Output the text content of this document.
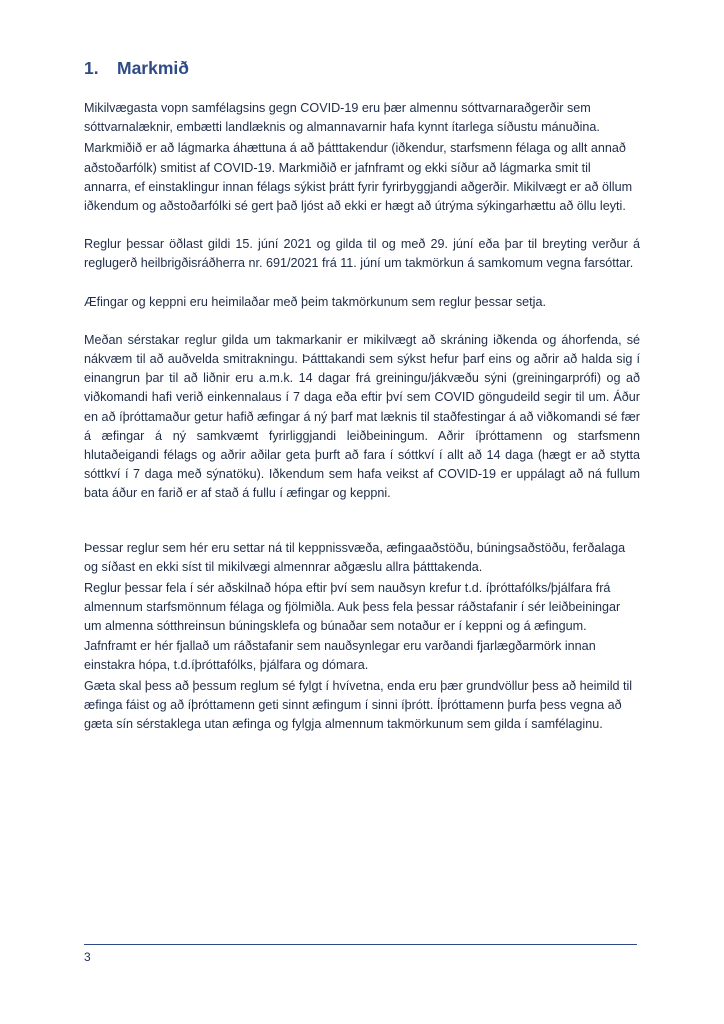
1. Markmið

Mikilvægasta vopn samfélagsins gegn COVID-19 eru þær almennu sóttvarnaraðgerðir sem sóttvarnalæknir, embætti landlæknis og almannavarnir hafa kynnt ítarlega síðustu mánuðina.

Markmiðið er að lágmarka áhættuna á að þátttakendur (iðkendur, starfsmenn félaga og allt annað aðstoðarfólk) smitist af COVID-19. Markmiðið er jafnframt og ekki síður að lágmarka smit til annarra, ef einstaklingur innan félags sýkist þrátt fyrir fyrirbyggjandi aðgerðir. Mikilvægt er að öllum iðkendum og aðstoðarfólki sé gert það ljóst að ekki er hægt að útrýma sýkingarhættu að öllu leyti.

Reglur þessar öðlast gildi 15. júní 2021 og gilda til og með 29. júní eða þar til breyting verður á reglugerð heilbrigðisráðherra nr. 691/2021 frá 11. júní um takmörkun á samkomum vegna farsóttar.

Æfingar og keppni eru heimilaðar með þeim takmörkunum sem reglur þessar setja.

Meðan sérstakar reglur gilda um takmarkanir er mikilvægt að skráning iðkenda og áhorfenda, sé nákvæm til að auðvelda smitrakningu. Þátttakandi sem sýkst hefur þarf eins og aðrir að halda sig í einangrun þar til að liðnir eru a.m.k. 14 dagar frá greiningu/jákvæðu sýni (greiningarprófi) og að viðkomandi hafi verið einkennalaus í 7 daga eða eftir því sem COVID göngudeild segir til um. Áður en að íþróttamaður getur hafið æfingar á ný þarf mat læknis til staðfestingar á að viðkomandi sé fær á æfingar á ný samkvæmt fyrirliggjandi leiðbeiningum. Aðrir íþróttamenn og starfsmenn hlutaðeigandi félags og aðrir aðilar geta þurft að fara í sóttkví í allt að 14 daga (hægt er að stytta sóttkví í 7 daga með sýnatöku). Iðkendum sem hafa veikst af COVID-19 er uppálagt að ná fullum bata áður en farið er af stað á fullu í æfingar og keppni.

Þessar reglur sem hér eru settar ná til keppnissvæða, æfingaaðstöðu, búningsaðstöðu, ferðalaga og síðast en ekki síst til mikilvægi almennrar aðgæslu allra þátttakenda.

Reglur þessar fela í sér aðskilnað hópa eftir því sem nauðsyn krefur t.d. íþróttafólks/þjálfara frá almennum starfsmönnum félaga og fjölmiðla. Auk þess fela þessar ráðstafanir í sér leiðbeiningar um almenna sótthreinsun búningsklefa og búnaðar sem notaður er í keppni og á æfingum. Jafnframt er hér fjallað um ráðstafanir sem nauðsynlegar eru varðandi fjarlægðarmörk innan einstakra hópa, t.d.íþróttafólks, þjálfara og dómara.

Gæta skal þess að þessum reglum sé fylgt í hvívetna, enda eru þær grundvöllur þess að heimild til æfinga fáist og að íþróttamenn geti sinnt æfingum í sinni íþrótt. Íþróttamenn þurfa þess vegna að gæta sín sérstaklega utan æfinga og fylgja almennum takmörkunum sem gilda í samfélaginu.

3
